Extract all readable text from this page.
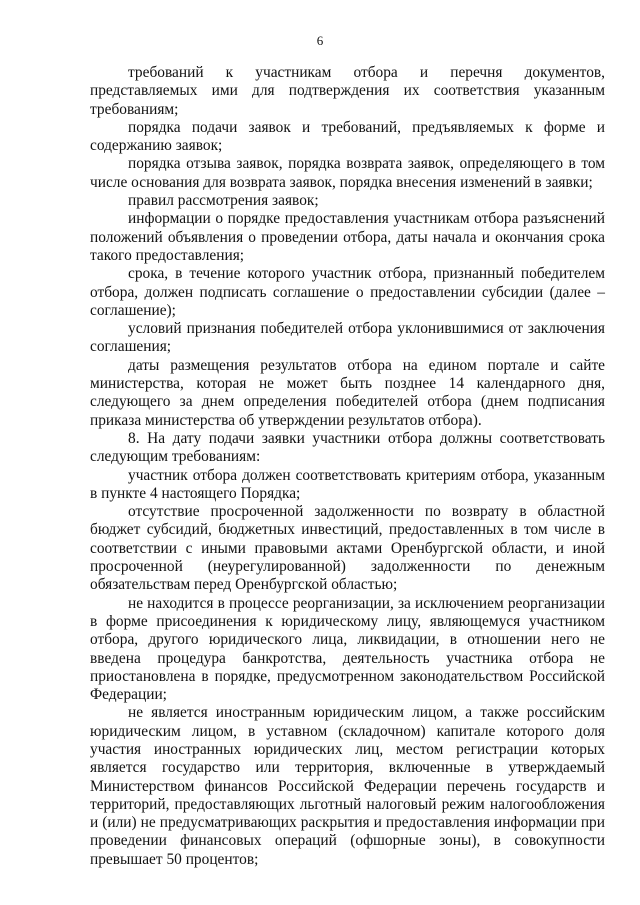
6

требований к участникам отбора и перечня документов, представляемых ими для подтверждения их соответствия указанным требованиям;

порядка подачи заявок и требований, предъявляемых к форме и содержанию заявок;

порядка отзыва заявок, порядка возврата заявок, определяющего в том числе основания для возврата заявок, порядка внесения изменений в заявки;

правил рассмотрения заявок;

информации о порядке предоставления участникам отбора разъяснений положений объявления о проведении отбора, даты начала и окончания срока такого предоставления;

срока, в течение которого участник отбора, признанный победителем отбора, должен подписать соглашение о предоставлении субсидии (далее – соглашение);

условий признания победителей отбора уклонившимися от заключения соглашения;

даты размещения результатов отбора на едином портале и сайте министерства, которая не может быть позднее 14 календарного дня, следующего за днем определения победителей отбора (днем подписания приказа министерства об утверждении результатов отбора).

8. На дату подачи заявки участники отбора должны соответствовать следующим требованиям:

участник отбора должен соответствовать критериям отбора, указанным в пункте 4 настоящего Порядка;

отсутствие просроченной задолженности по возврату в областной бюджет субсидий, бюджетных инвестиций, предоставленных в том числе в соответствии с иными правовыми актами Оренбургской области, и иной просроченной (неурегулированной) задолженности по денежным обязательствам перед Оренбургской областью;

не находится в процессе реорганизации, за исключением реорганизации в форме присоединения к юридическому лицу, являющемуся участником отбора, другого юридического лица, ликвидации, в отношении него не введена процедура банкротства, деятельность участника отбора не приостановлена в порядке, предусмотренном законодательством Российской Федерации;

не является иностранным юридическим лицом, а также российским юридическим лицом, в уставном (складочном) капитале которого доля участия иностранных юридических лиц, местом регистрации которых является государство или территория, включенные в утверждаемый Министерством финансов Российской Федерации перечень государств и территорий, предоставляющих льготный налоговый режим налогообложения и (или) не предусматривающих раскрытия и предоставления информации при проведении финансовых операций (офшорные зоны), в совокупности превышает 50 процентов;
